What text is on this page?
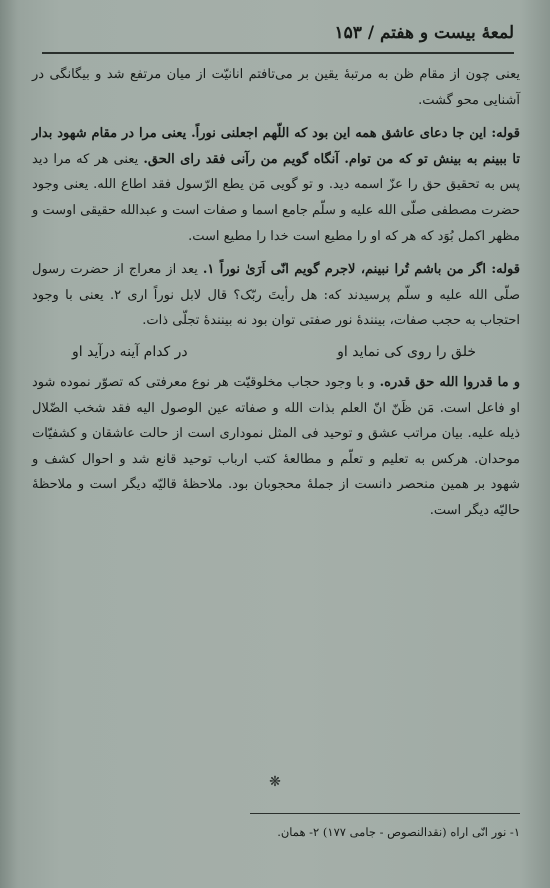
لمعهٔ بیست و هفتم / ۱۵۳

یعنی چون از مقام ظن به مرتبهٔ یقین بر می‌تافتم انانیّت از میان مرتفع شد و بیگانگی در آشنایی محو گشت.

قوله: این جا دعای عاشق همه این بود که اللّهم اجعلنی نوراً. یعنی مرا در مقام شهود بدار تا ببینم به بینش تو که من توام. آنگاه گویم من رآنی فقد رای الحق. یعنی هر که مرا دید پس به تحقیق حق را عزّ اسمه دید. و تو گویی مَن یطع الرّسول فقد اطاع الله. یعنی وجود حضرت مصطفی صلّی الله علیه و سلّم جامع اسما و صفات است و عبدالله حقیقی اوست و مظهر اکمل بُوَد که هر که او را مطیع است خدا را مطیع است.

قوله: اگر من باشم تُرا نبینم، لاجرم گویم انّی اَرَیٰ نوراً ۱. یعد از معراج از حضرت رسول صلّی الله علیه و سلّم پرسیدند که: هل رأیتَ ربّک؟ قال لابل نوراً اری ۲. یعنی با وجود احتجاب به حجب صفات، بینندهٔ نور صفتی توان بود نه بینندهٔ تجلّی ذات.

خلق را روی کی نماید او
در کدام آینه درآید او

و ما قدروا الله حق قدره. و با وجود حجاب مخلوقیّت هر نوع معرفتی که تصوّر نموده شود او فاعل است. مَن ظَنّ انّ العلم بذات الله و صفاته عین الوصول الیه فقد شخب الضّلال ذیله علیه. بیان مراتب عشق و توحید فی المثل نموداری است از حالت عاشقان و کشفیّات موحدان. هرکس به تعلیم و تعلّم و مطالعهٔ کتب ارباب توحید قانع شد و احوال کشف و شهود بر همین منحصر دانست از جملهٔ محجوبان بود. ملاحظهٔ قالیّه دیگر است و ملاحظهٔ حالیّه دیگر است.

❋
۱- نور انّی اراه (نقدالنصوص - جامی ۱۷۷) ۲- همان.
